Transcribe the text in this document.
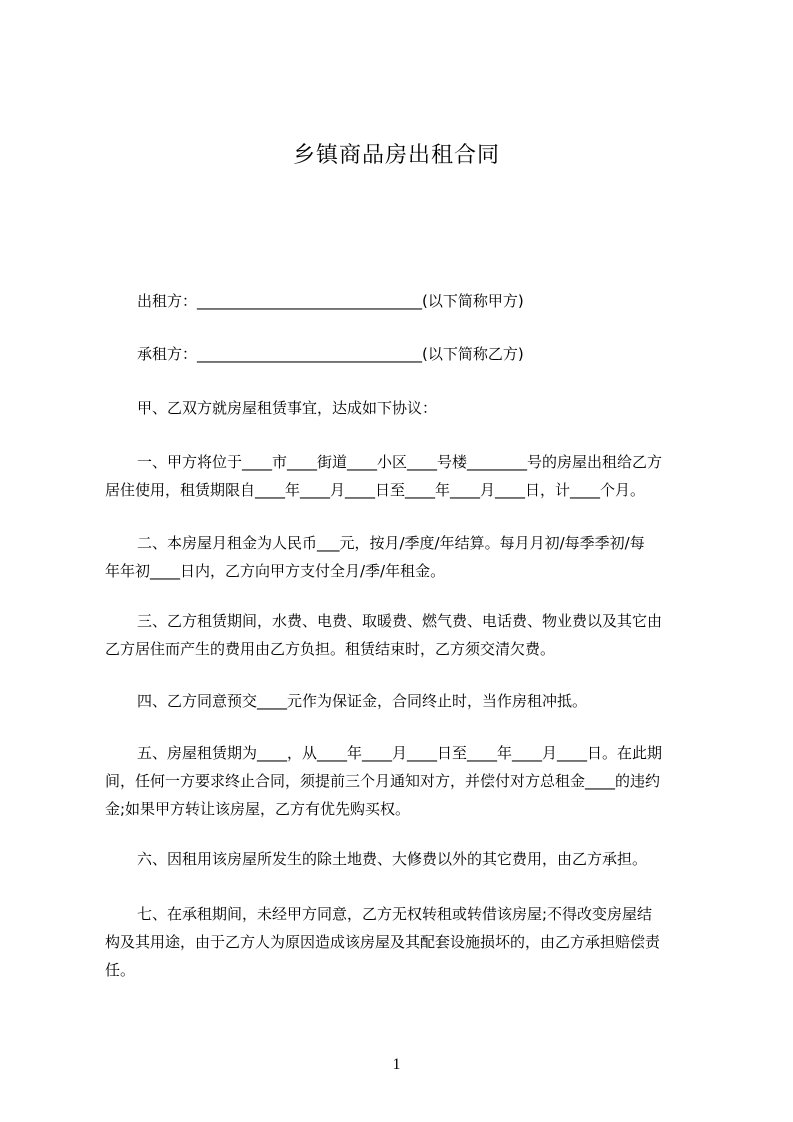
乡镇商品房出租合同
出租方：______________________________(以下简称甲方)
承租方：______________________________(以下简称乙方)
甲、乙双方就房屋租赁事宜，达成如下协议：
一、甲方将位于____市____街道____小区____号楼________号的房屋出租给乙方
居住使用，租赁期限自____年____月____日至____年____月____日，计____个月。
二、本房屋月租金为人民币___元，按月/季度/年结算。每月月初/每季季初/每
年年初____日内，乙方向甲方支付全月/季/年租金。
三、乙方租赁期间，水费、电费、取暖费、燃气费、电话费、物业费以及其它由
乙方居住而产生的费用由乙方负担。租赁结束时，乙方须交清欠费。
四、乙方同意预交____元作为保证金，合同终止时，当作房租冲抵。
五、房屋租赁期为____，从____年____月____日至____年____月____日。在此期
间，任何一方要求终止合同，须提前三个月通知对方，并偿付对方总租金____的违约
金;如果甲方转让该房屋，乙方有优先购买权。
六、因租用该房屋所发生的除土地费、大修费以外的其它费用，由乙方承担。
七、在承租期间，未经甲方同意，乙方无权转租或转借该房屋;不得改变房屋结
构及其用途，由于乙方人为原因造成该房屋及其配套设施损坏的，由乙方承担赔偿责
任。
1
